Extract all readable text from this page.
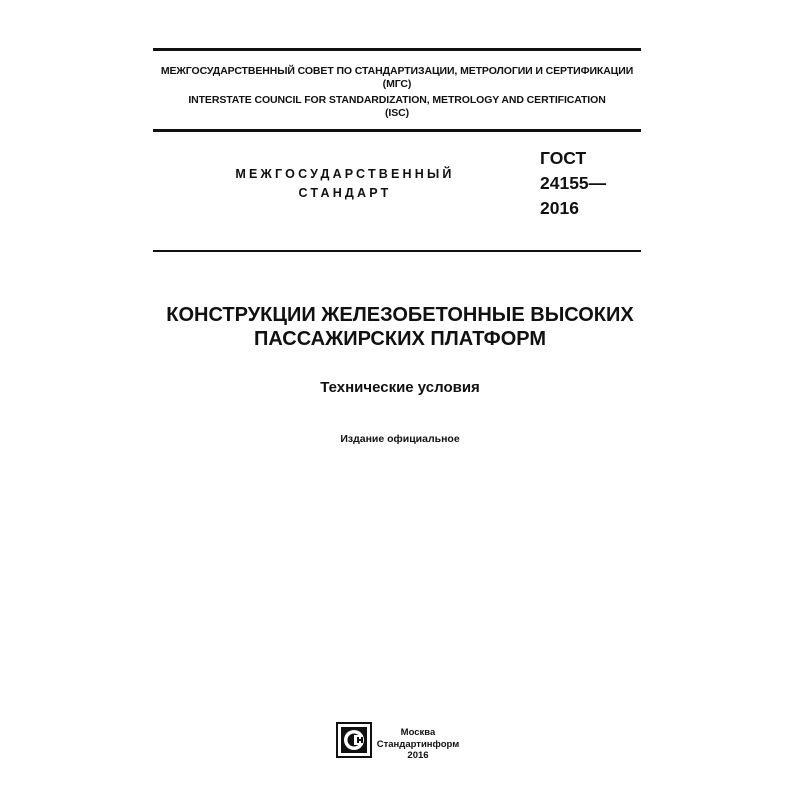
МЕЖГОСУДАРСТВЕННЫЙ СОВЕТ ПО СТАНДАРТИЗАЦИИ, МЕТРОЛОГИИ И СЕРТИФИКАЦИИ
(МГС)
INTERSTATE COUNCIL FOR STANDARDIZATION, METROLOGY AND CERTIFICATION
(ISC)
МЕЖГОСУДАРСТВЕННЫЙ
СТАНДАРТ
ГОСТ
24155—
2016
КОНСТРУКЦИИ ЖЕЛЕЗОБЕТОННЫЕ ВЫСОКИХ
ПАССАЖИРСКИХ ПЛАТФОРМ
Технические условия
Издание официальное
Москва
Стандартинформ
2016
